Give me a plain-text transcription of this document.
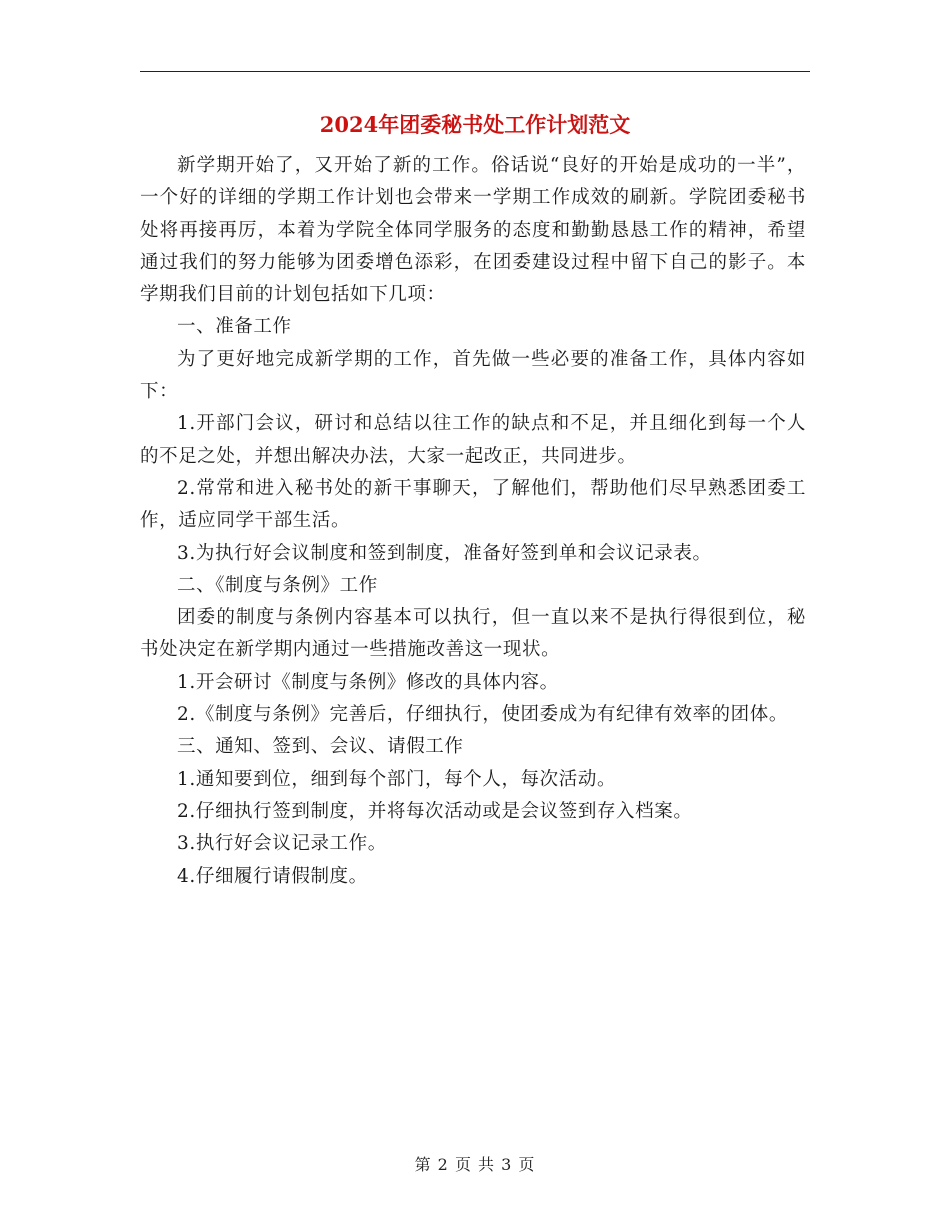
2024年团委秘书处工作计划范文

新学期开始了，又开始了新的工作。俗话说“良好的开始是成功的一半”，一个好的详细的学期工作计划也会带来一学期工作成效的刷新。学院团委秘书处将再接再厉，本着为学院全体同学服务的态度和勤勤恳恳工作的精神，希望通过我们的努力能够为团委增色添彩，在团委建设过程中留下自己的影子。本学期我们目前的计划包括如下几项：

一、准备工作

为了更好地完成新学期的工作，首先做一些必要的准备工作，具体内容如下：

1.开部门会议，研讨和总结以往工作的缺点和不足，并且细化到每一个人的不足之处，并想出解决办法，大家一起改正，共同进步。

2.常常和进入秘书处的新干事聊天，了解他们，帮助他们尽早熟悉团委工作，适应同学干部生活。

3.为执行好会议制度和签到制度，准备好签到单和会议记录表。

二、《制度与条例》工作

团委的制度与条例内容基本可以执行，但一直以来不是执行得很到位，秘书处决定在新学期内通过一些措施改善这一现状。

1.开会研讨《制度与条例》修改的具体内容。

2.《制度与条例》完善后，仔细执行，使团委成为有纪律有效率的团体。

三、通知、签到、会议、请假工作

1.通知要到位，细到每个部门，每个人，每次活动。

2.仔细执行签到制度，并将每次活动或是会议签到存入档案。

3.执行好会议记录工作。

4.仔细履行请假制度。

第 2 页 共 3 页
